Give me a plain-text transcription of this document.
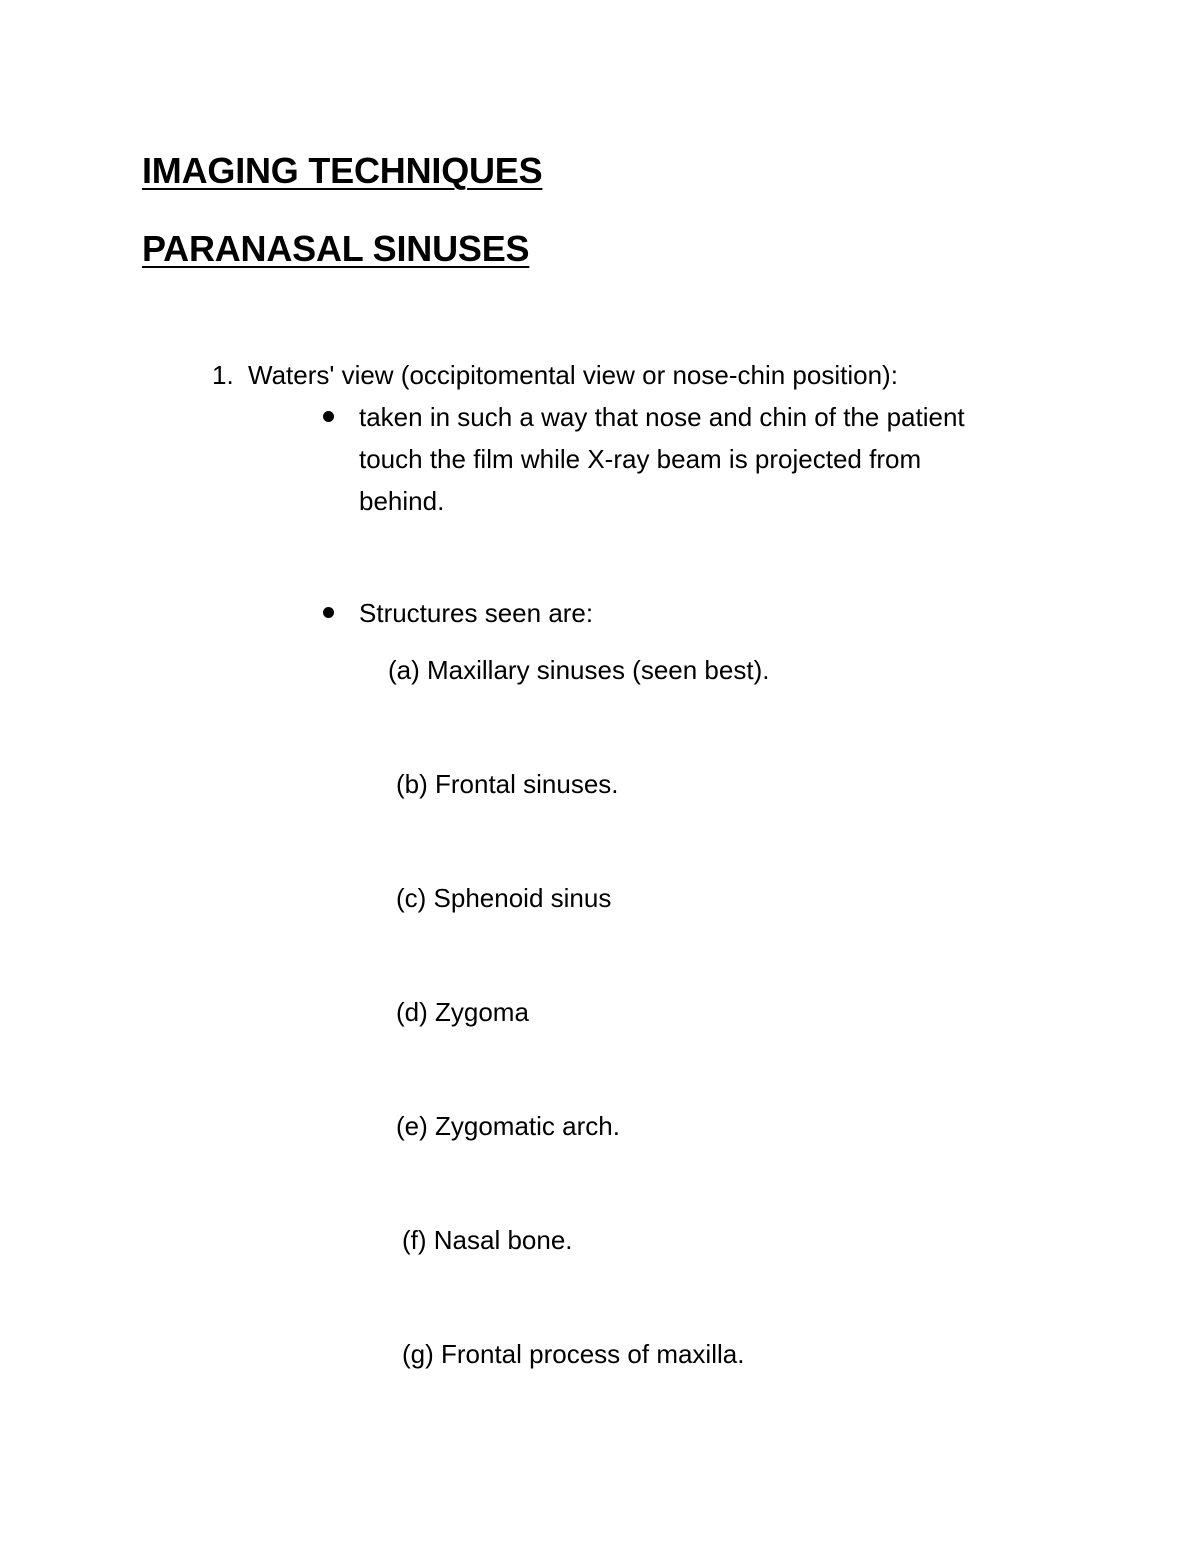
IMAGING TECHNIQUES
PARANASAL SINUSES
1. Waters' view (occipitomental view or nose-chin position):
taken in such a way that nose and chin of the patient
touch the film while X-ray beam is projected from
behind.
Structures seen are:
(a) Maxillary sinuses (seen best).
(b) Frontal sinuses.
(c) Sphenoid sinus
(d) Zygoma
(e) Zygomatic arch.
(f) Nasal bone.
(g) Frontal process of maxilla.
